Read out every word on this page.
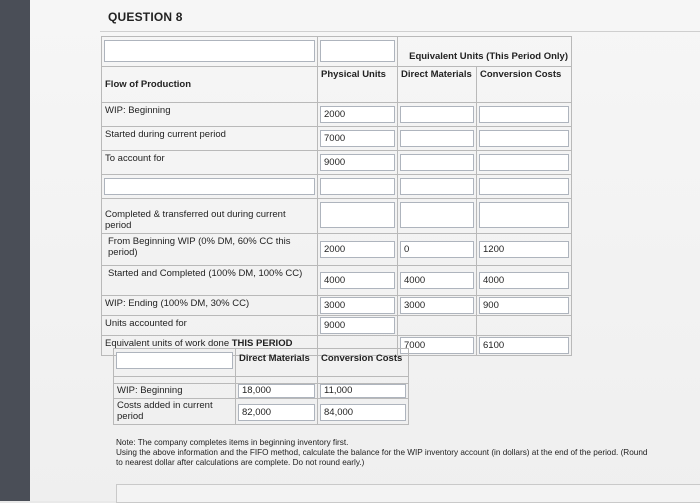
QUESTION 8

		Equivalent Units (This Period Only)	

Flow of Production	Physical Units	Direct Materials	Conversion Costs

WIP: Beginning	2000		

Started during current period	7000		

To account for	9000		

Completed & transferred out during current period			

From Beginning WIP (0% DM, 60% CC this period)	2000	0	1200

Started and Completed (100% DM, 100% CC)	4000	4000	4000

WIP: Ending (100% DM, 30% CC)	3000	3000	900

Units accounted for	9000		

Equivalent units of work done THIS PERIOD		7000	6100

	Direct Materials	Conversion Costs

WIP: Beginning	18,000	11,000

Costs added in current period	82,000	84,000
Note: The company completes items in beginning inventory first.
Using the above information and the FIFO method, calculate the balance for the WIP inventory account (in dollars) at the end of the period. (Round to nearest dollar after calculations are complete. Do not round early.)
